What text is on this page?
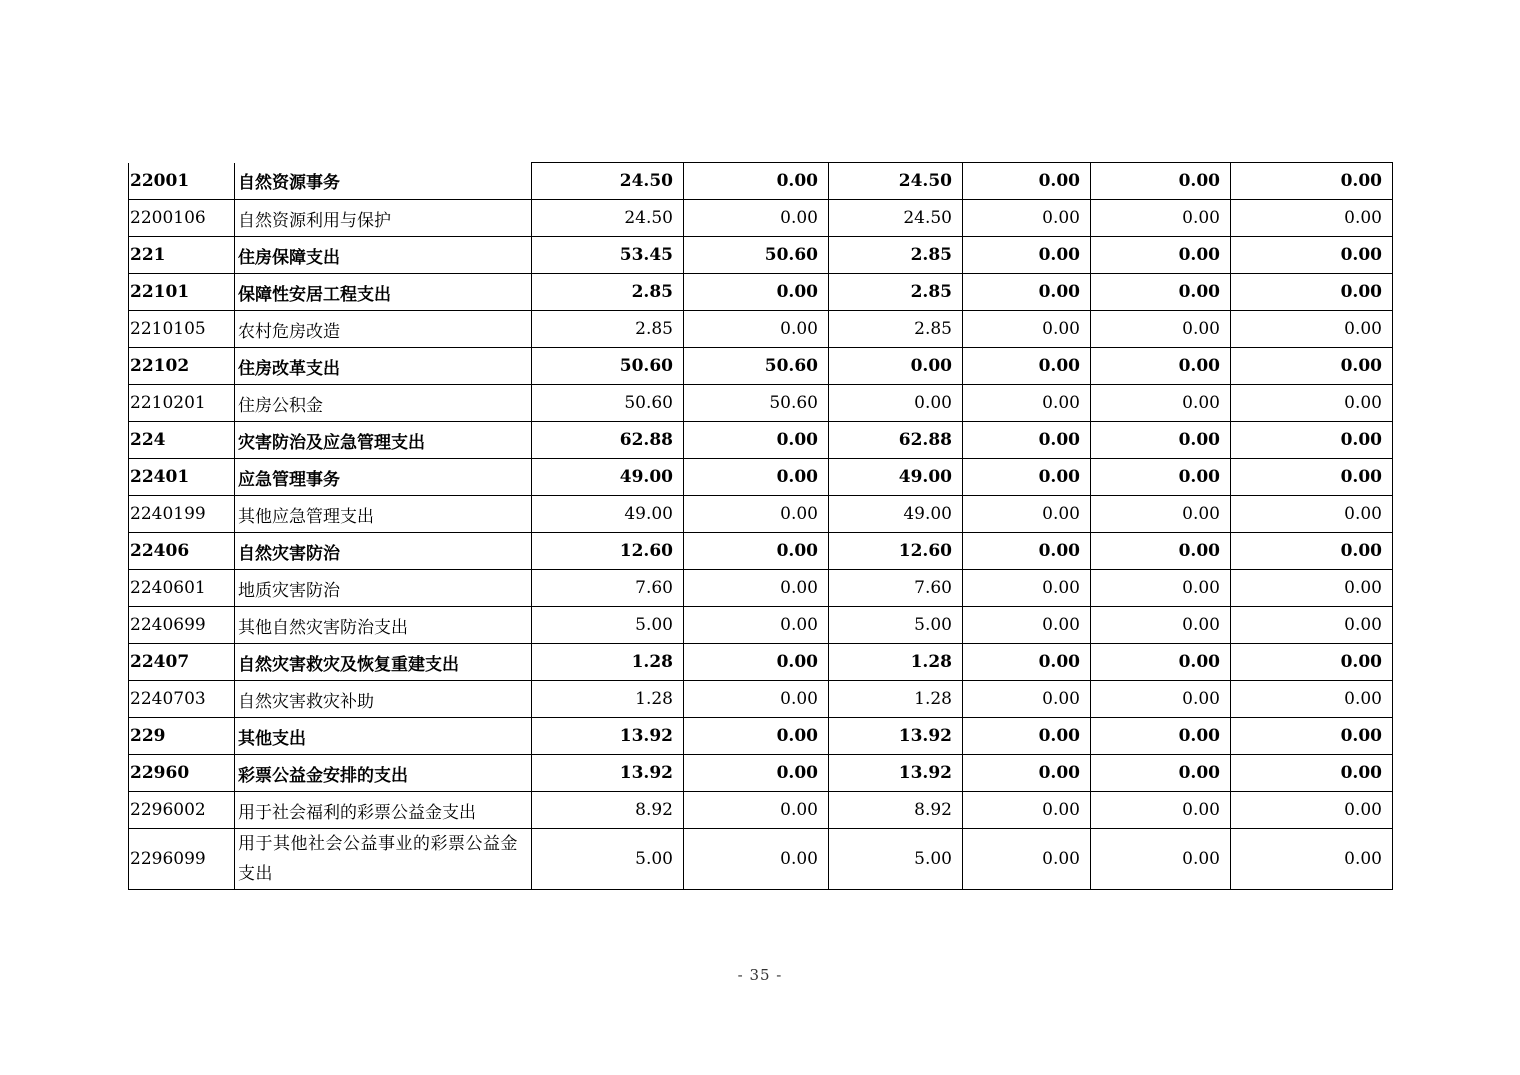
22001	自然资源事务	24.50	0.00	24.50	0.00	0.00	0.00
2200106	自然资源利用与保护	24.50	0.00	24.50	0.00	0.00	0.00
221	住房保障支出	53.45	50.60	2.85	0.00	0.00	0.00
22101	保障性安居工程支出	2.85	0.00	2.85	0.00	0.00	0.00
2210105	农村危房改造	2.85	0.00	2.85	0.00	0.00	0.00
22102	住房改革支出	50.60	50.60	0.00	0.00	0.00	0.00
2210201	住房公积金	50.60	50.60	0.00	0.00	0.00	0.00
224	灾害防治及应急管理支出	62.88	0.00	62.88	0.00	0.00	0.00
22401	应急管理事务	49.00	0.00	49.00	0.00	0.00	0.00
2240199	其他应急管理支出	49.00	0.00	49.00	0.00	0.00	0.00
22406	自然灾害防治	12.60	0.00	12.60	0.00	0.00	0.00
2240601	地质灾害防治	7.60	0.00	7.60	0.00	0.00	0.00
2240699	其他自然灾害防治支出	5.00	0.00	5.00	0.00	0.00	0.00
22407	自然灾害救灾及恢复重建支出	1.28	0.00	1.28	0.00	0.00	0.00
2240703	自然灾害救灾补助	1.28	0.00	1.28	0.00	0.00	0.00
229	其他支出	13.92	0.00	13.92	0.00	0.00	0.00
22960	彩票公益金安排的支出	13.92	0.00	13.92	0.00	0.00	0.00
2296002	用于社会福利的彩票公益金支出	8.92	0.00	8.92	0.00	0.00	0.00
2296099	用于其他社会公益事业的彩票公益金支出	5.00	0.00	5.00	0.00	0.00	0.00
- 35 -
